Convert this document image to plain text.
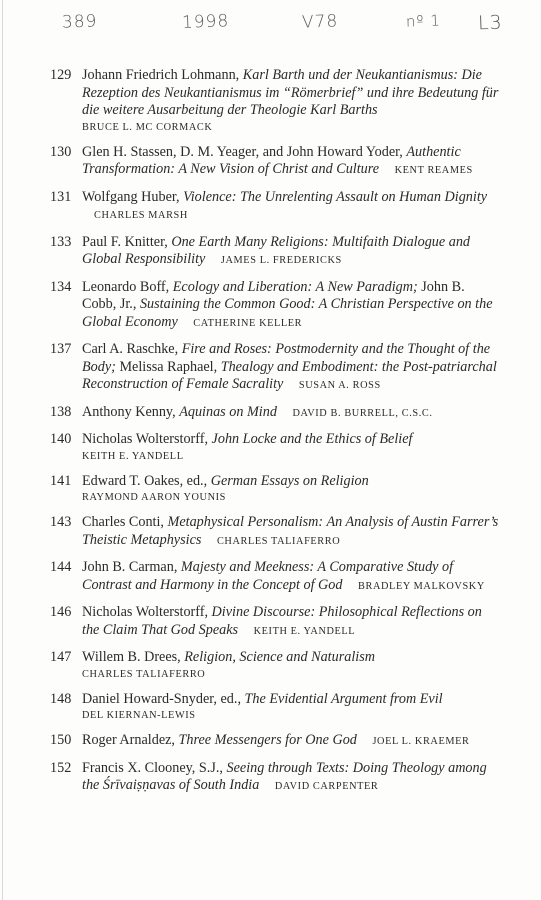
389	1998	V78	nº 1 L3
129 Johann Friedrich Lohmann, Karl Barth und der Neukantianismus: Die Rezeption des Neukantianismus im “Römerbrief” und ihre Bedeutung für die weitere Ausarbeitung der Theologie Karl Barths
BRUCE L. MC CORMACK
130 Glen H. Stassen, D. M. Yeager, and John Howard Yoder, Authentic Transformation: A New Vision of Christ and Culture KENT REAMES
131 Wolfgang Huber, Violence: The Unrelenting Assault on Human Dignity CHARLES MARSH
133 Paul F. Knitter, One Earth Many Religions: Multifaith Dialogue and Global Responsibility JAMES L. FREDERICKS
134 Leonardo Boff, Ecology and Liberation: A New Paradigm; John B. Cobb, Jr., Sustaining the Common Good: A Christian Perspective on the Global Economy CATHERINE KELLER
137 Carl A. Raschke, Fire and Roses: Postmodernity and the Thought of the Body; Melissa Raphael, Thealogy and Embodiment: the Post-patriarchal Reconstruction of Female Sacrality SUSAN A. ROSS
138 Anthony Kenny, Aquinas on Mind DAVID B. BURRELL, C.S.C.
140 Nicholas Wolterstorff, John Locke and the Ethics of Belief
KEITH E. YANDELL
141 Edward T. Oakes, ed., German Essays on Religion
RAYMOND AARON YOUNIS
143 Charles Conti, Metaphysical Personalism: An Analysis of Austin Farrer’s Theistic Metaphysics CHARLES TALIAFERRO
144 John B. Carman, Majesty and Meekness: A Comparative Study of Contrast and Harmony in the Concept of God BRADLEY MALKOVSKY
146 Nicholas Wolterstorff, Divine Discourse: Philosophical Reflections on the Claim That God Speaks KEITH E. YANDELL
147 Willem B. Drees, Religion, Science and Naturalism
CHARLES TALIAFERRO
148 Daniel Howard-Snyder, ed., The Evidential Argument from Evil
DEL KIERNAN-LEWIS
150 Roger Arnaldez, Three Messengers for One God JOEL L. KRAEMER
152 Francis X. Clooney, S.J., Seeing through Texts: Doing Theology among the Śrīvaiṣṇavas of South India DAVID CARPENTER
